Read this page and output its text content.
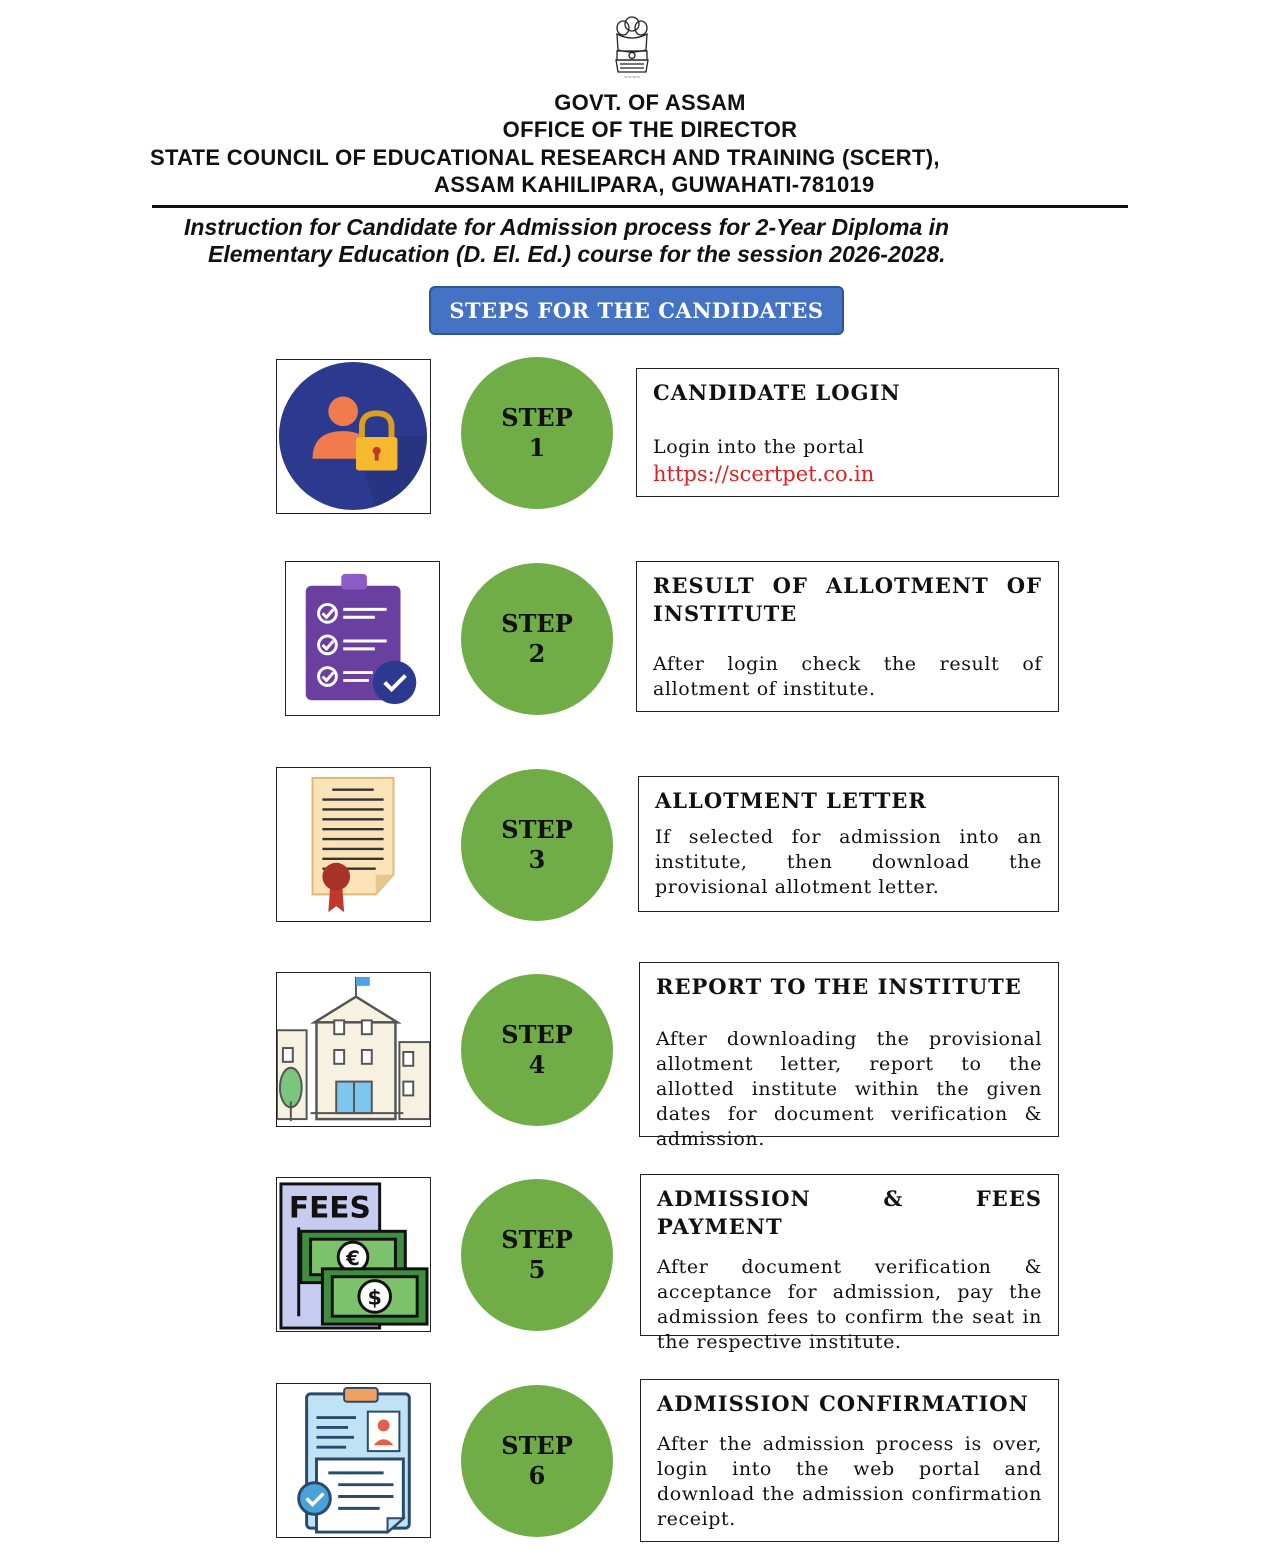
~~~~
GOVT. OF ASSAM
OFFICE OF THE DIRECTOR
STATE COUNCIL OF EDUCATIONAL RESEARCH AND TRAINING (SCERT),
ASSAM KAHILIPARA, GUWAHATI-781019
Instruction for Candidate for Admission process for 2-Year Diploma in
Elementary Education (D. El. Ed.) course for the session 2026-2028.
STEPS FOR THE CANDIDATES
STEP
1
CANDIDATE LOGIN
Login into the portal
https://scertpet.co.in
STEP
2
RESULT OF ALLOTMENT OF INSTITUTE
After login check the result of allotment of institute.
STEP
3
ALLOTMENT LETTER
If selected for admission into an institute, then download the provisional allotment letter.
STEP
4
REPORT TO THE INSTITUTE
After downloading the provisional allotment letter, report to the allotted institute within the given dates for document verification & admission.
FEES
€
$
STEP
5
ADMISSION & FEES PAYMENT
After document verification & acceptance for admission, pay the admission fees to confirm the seat in the respective institute.
STEP
6
ADMISSION CONFIRMATION
After the admission process is over, login into the web portal and download the admission confirmation receipt.
